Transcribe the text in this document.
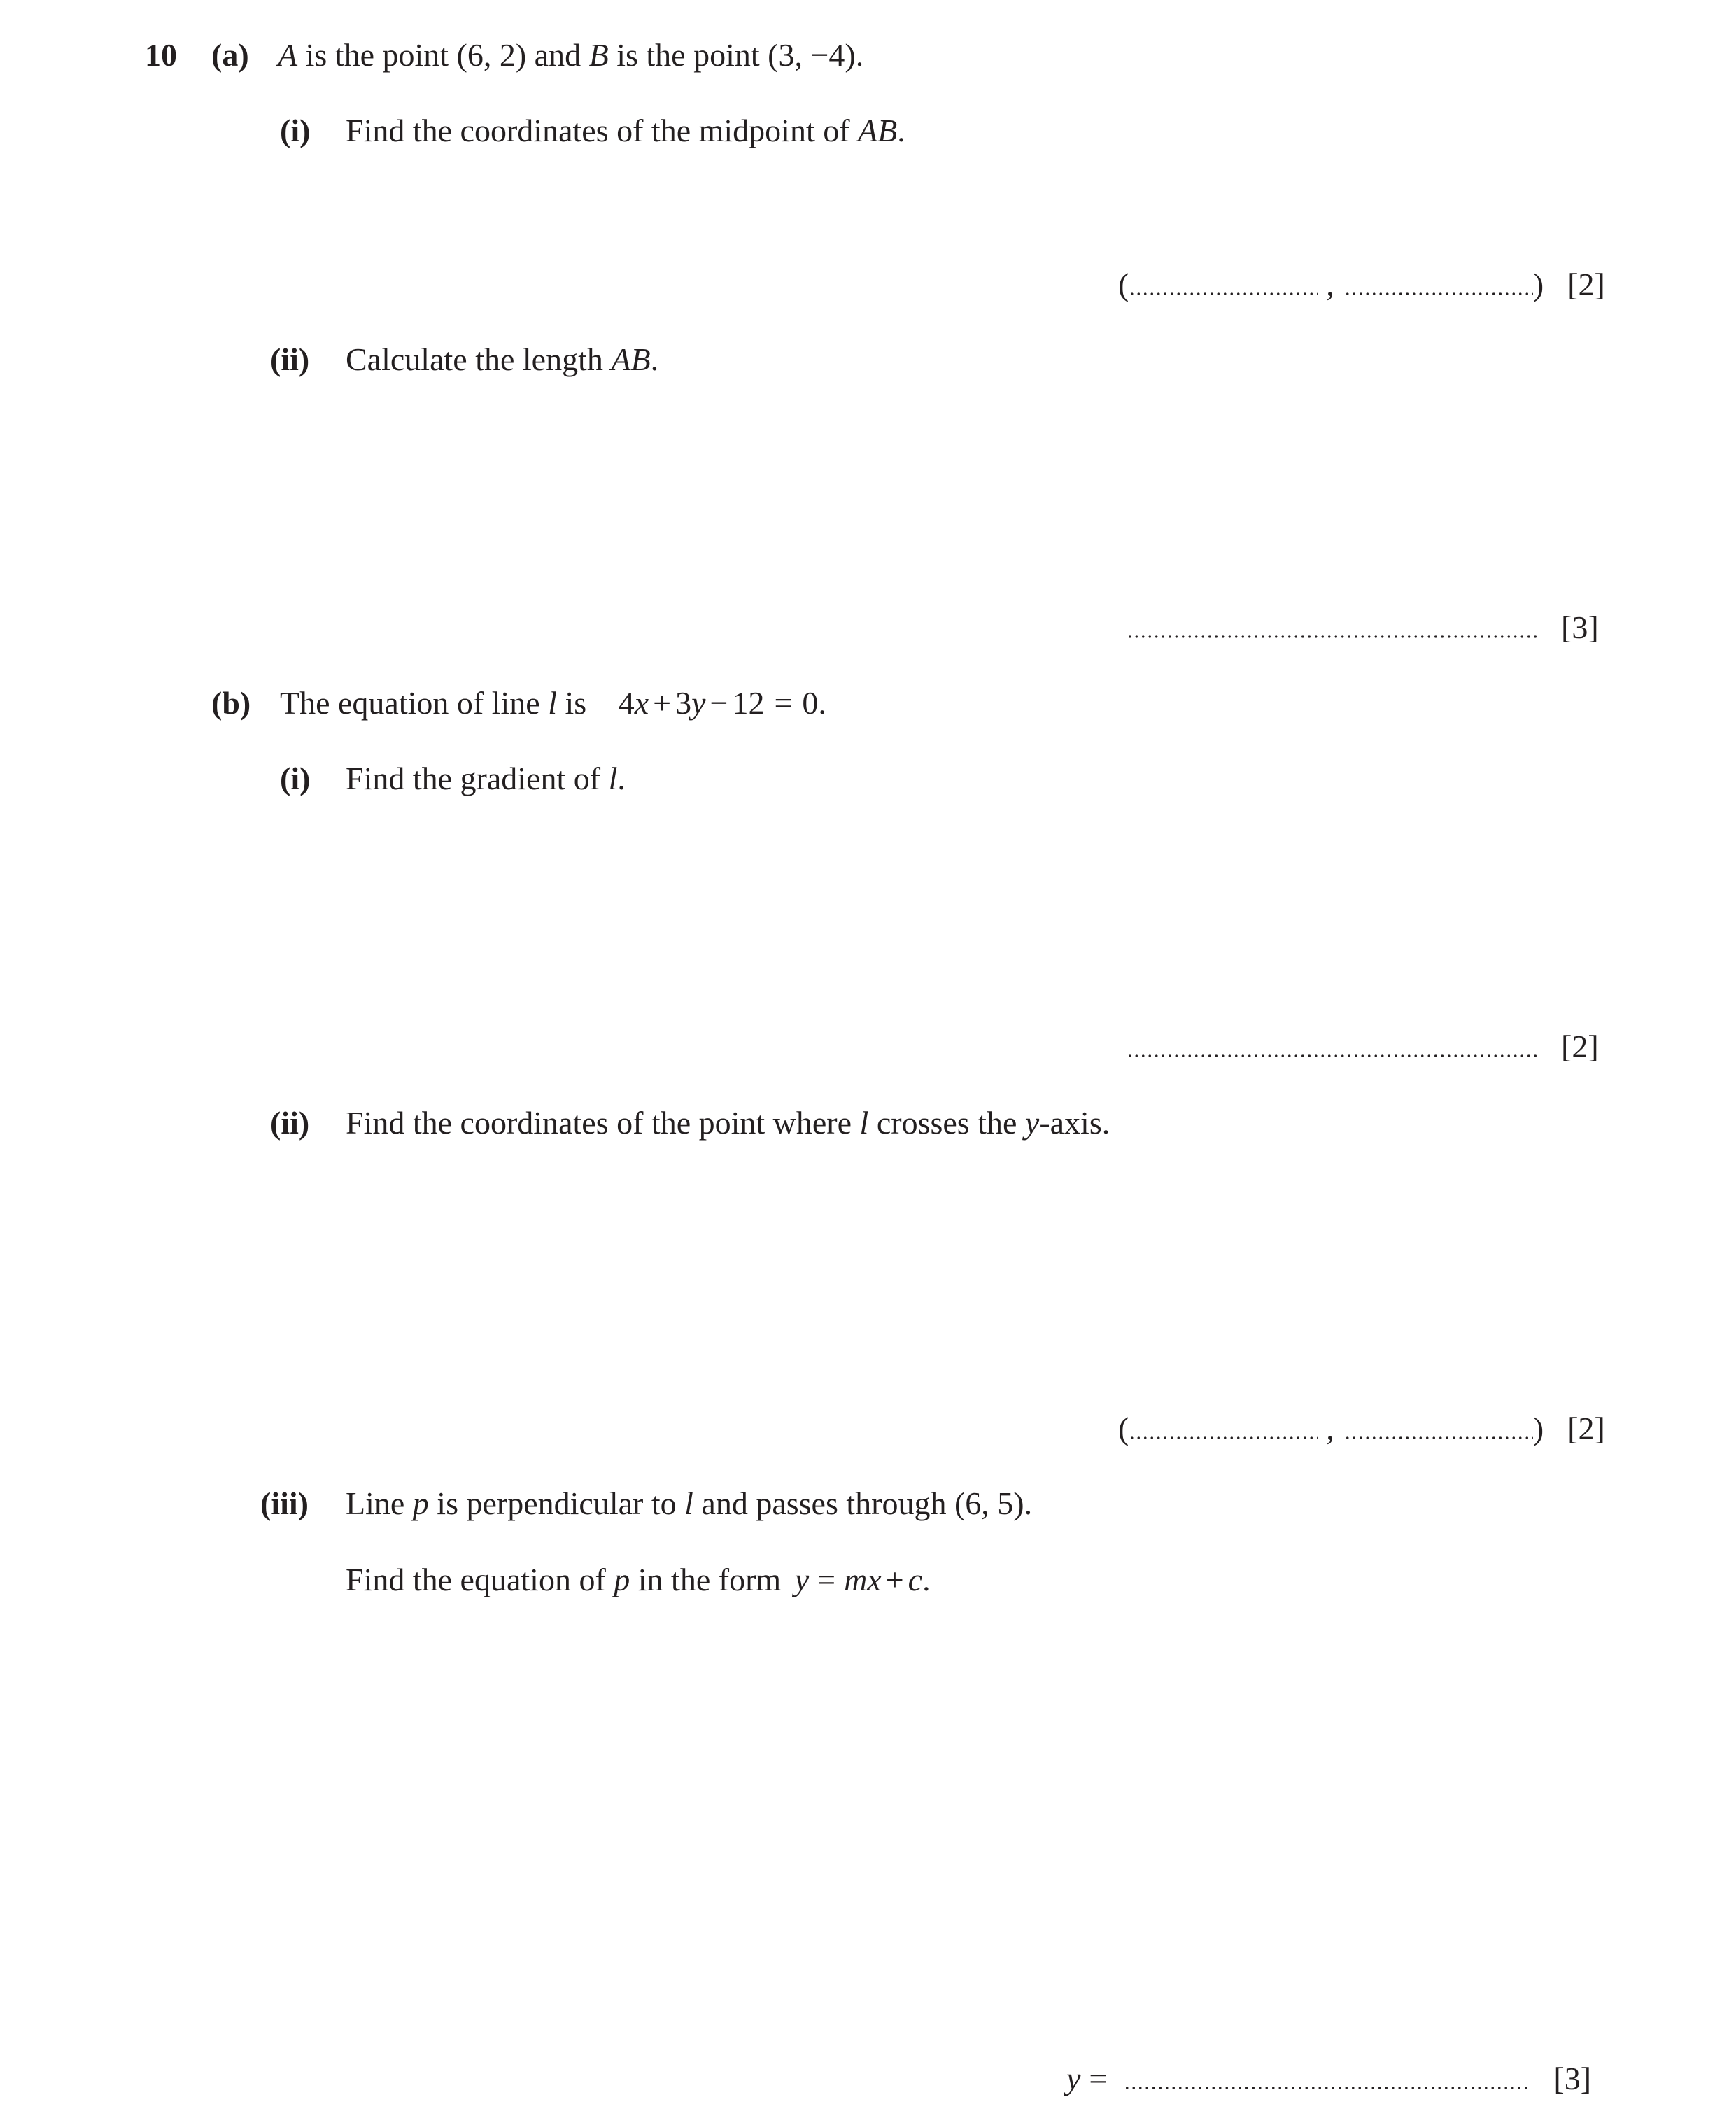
10 (a) A is the point (6, 2) and B is the point (3, −4).
(i) Find the coordinates of the midpoint of AB.
(	,	) [2]
(ii) Calculate the length AB.
[3]
(b) The equation of line l is 4x + 3y − 12 = 0.
(i) Find the gradient of l.
[2]
(ii) Find the coordinates of the point where l crosses the y-axis.
(	,	) [2]
(iii) Line p is perpendicular to l and passes through (6, 5).
Find the equation of p in the form y = mx + c.
y =	[3]
